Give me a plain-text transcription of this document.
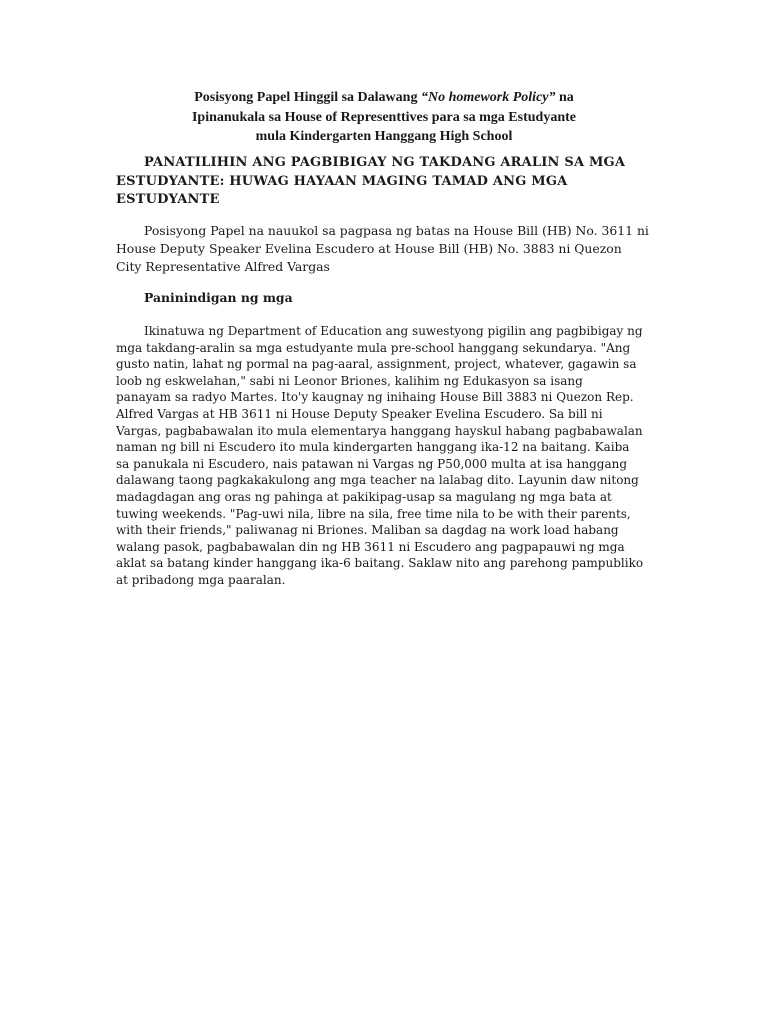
Posisyong Papel Hinggil sa Dalawang “No homework Policy” na
Ipinanukala sa House of Representtives para sa mga Estudyante
mula Kindergarten Hanggang High School
PANATILIHIN ANG PAGBIBIGAY NG TAKDANG ARALIN SA MGA
ESTUDYANTE: HUWAG HAYAAN MAGING TAMAD ANG MGA
ESTUDYANTE
Posisyong Papel na nauukol sa pagpasa ng batas na House Bill (HB) No. 3611 ni
House Deputy Speaker Evelina Escudero at House Bill (HB) No. 3883 ni Quezon
City Representative Alfred Vargas
Paninindigan ng mga
Ikinatuwa ng Department of Education ang suwestyong pigilin ang pagbibigay ng
mga takdang-aralin sa mga estudyante mula pre-school hanggang sekundarya. "Ang
gusto natin, lahat ng pormal na pag-aaral, assignment, project, whatever, gagawin sa
loob ng eskwelahan," sabi ni Leonor Briones, kalihim ng Edukasyon sa isang
panayam sa radyo Martes. Ito'y kaugnay ng inihaing House Bill 3883 ni Quezon Rep.
Alfred Vargas at HB 3611 ni House Deputy Speaker Evelina Escudero. Sa bill ni
Vargas, pagbabawalan ito mula elementarya hanggang hayskul habang pagbabawalan
naman ng bill ni Escudero ito mula kindergarten hanggang ika-12 na baitang. Kaiba
sa panukala ni Escudero, nais patawan ni Vargas ng P50,000 multa at isa hanggang
dalawang taong pagkakakulong ang mga teacher na lalabag dito. Layunin daw nitong
madagdagan ang oras ng pahinga at pakikipag-usap sa magulang ng mga bata at
tuwing weekends. "Pag-uwi nila, libre na sila, free time nila to be with their parents,
with their friends," paliwanag ni Briones. Maliban sa dagdag na work load habang
walang pasok, pagbabawalan din ng HB 3611 ni Escudero ang pagpapauwi ng mga
aklat sa batang kinder hanggang ika-6 baitang. Saklaw nito ang parehong pampubliko
at pribadong mga paaralan.
